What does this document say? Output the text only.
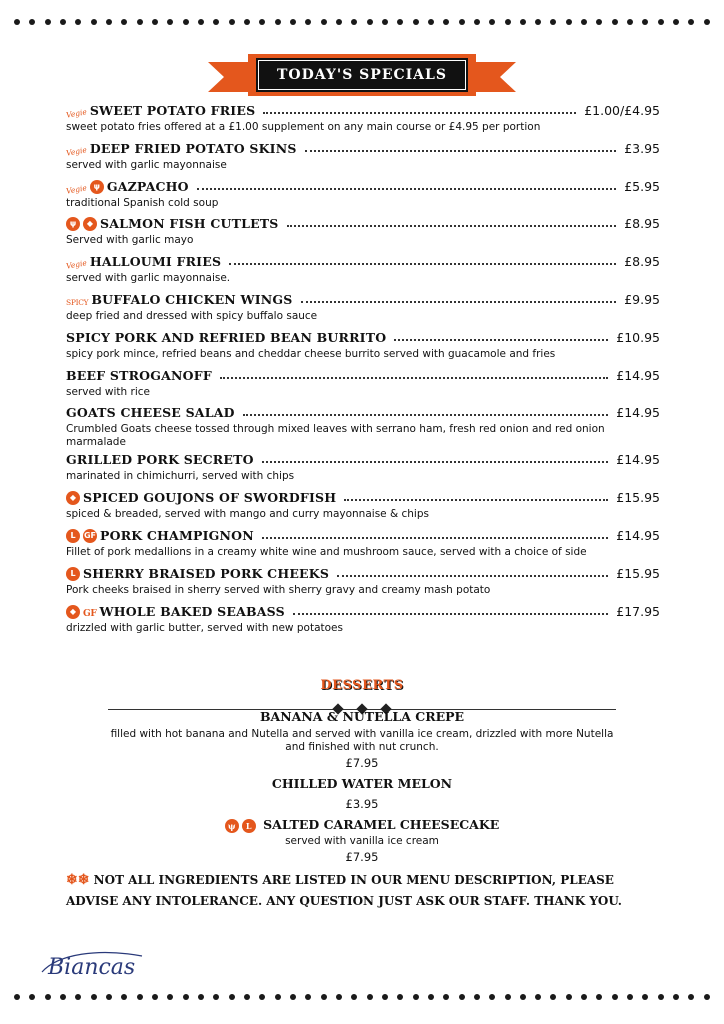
TODAY'S SPECIALS
Vegie SWEET POTATO FRIES	£1.00/£4.95
sweet potato fries offered at a £1.00 supplement on any main course or £4.95 per portion
Vegie DEEP FRIED POTATO SKINS	£3.95
served with garlic mayonnaise
Vegie ψ GAZPACHO	£5.95
traditional Spanish cold soup
ψ	◆ SALMON FISH CUTLETS	£8.95
Served with garlic mayo
Vegie HALLOUMI FRIES	£8.95
served with garlic mayonnaise.
SPICY BUFFALO CHICKEN WINGS	£9.95
deep fried and dressed with spicy buffalo sauce
SPICY PORK AND REFRIED BEAN BURRITO	£10.95
spicy pork mince, refried beans and cheddar cheese burrito served with guacamole and fries
BEEF STROGANOFF	£14.95
served with rice
GOATS CHEESE SALAD	£14.95
Crumbled Goats cheese tossed through mixed leaves with serrano ham, fresh red onion and red onion marmalade
GRILLED PORK SECRETO	£14.95
marinated in chimichurri, served with chips
◆ SPICED GOUJONS OF SWORDFISH	£15.95
spiced & breaded, served with mango and curry mayonnaise & chips
L	GF PORK CHAMPIGNON	£14.95
Fillet of pork medallions in a creamy white wine and mushroom sauce, served with a choice of side
L SHERRY BRAISED PORK CHEEKS	£15.95
Pork cheeks braised in sherry served with sherry gravy and creamy mash potato
◆ GF WHOLE BAKED SEABASS	£17.95
drizzled with garlic butter, served with new potatoes
DESSERTS
BANANA & NUTELLA CREPE
filled with hot banana and Nutella and served with vanilla ice cream, drizzled with more Nutella and finished with nut crunch.
£7.95
CHILLED WATER MELON
£3.95
ψ L SALTED CARAMEL CHEESECAKE
served with vanilla ice cream
£7.95
❄❄ NOT ALL INGREDIENTS ARE LISTED IN OUR MENU DESCRIPTION, PLEASE ADVISE ANY INTOLERANCE. ANY QUESTION JUST ASK OUR STAFF. THANK YOU.
Biancas
